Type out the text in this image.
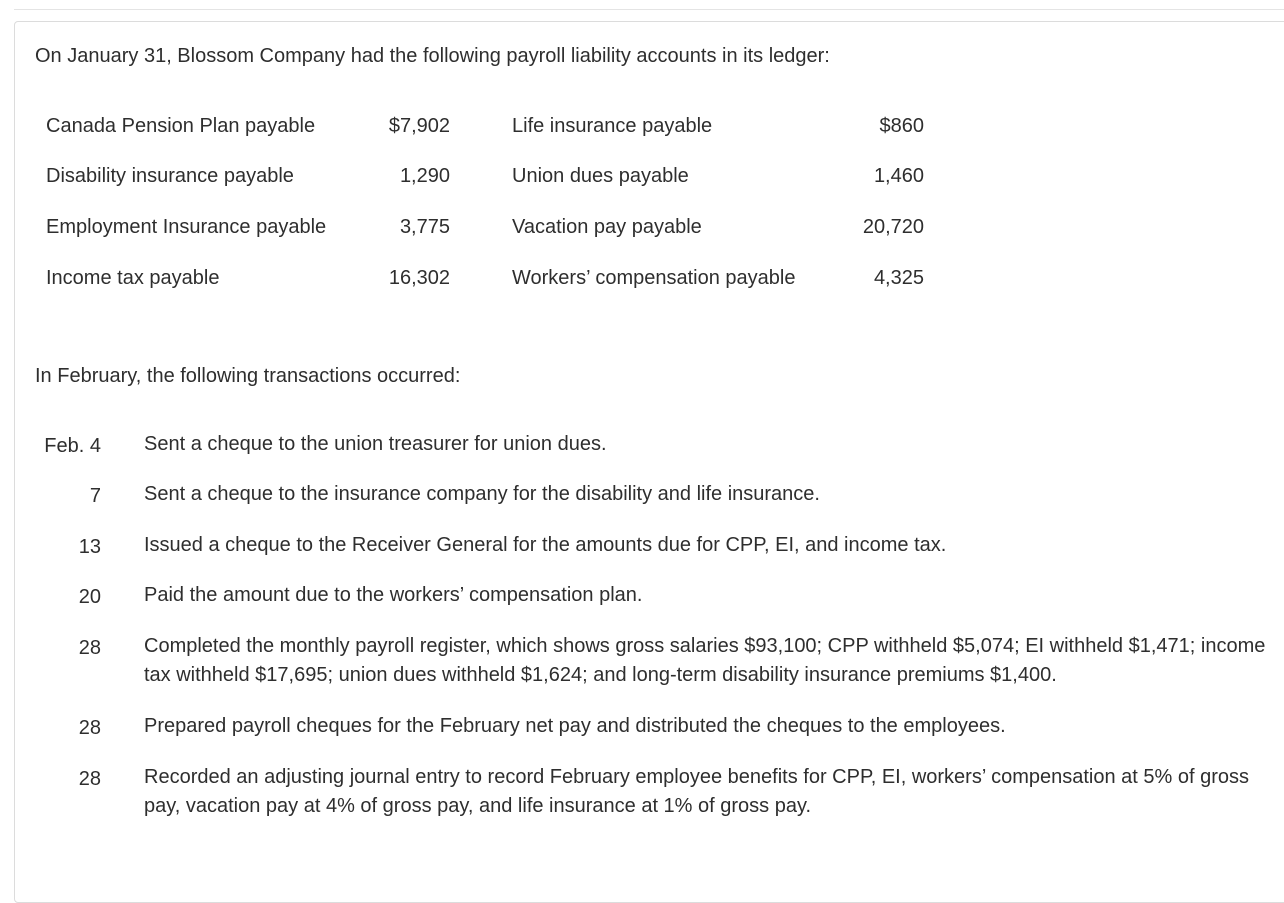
On January 31, Blossom Company had the following payroll liability accounts in its ledger:
Canada Pension Plan payable	$7,902	Life insurance payable	$860
Disability insurance payable	1,290	Union dues payable	1,460
Employment Insurance payable	3,775	Vacation pay payable	20,720
Income tax payable	16,302	Workers’ compensation payable	4,325
In February, the following transactions occurred:
Feb. 4 Sent a cheque to the union treasurer for union dues.
7 Sent a cheque to the insurance company for the disability and life insurance.
13 Issued a cheque to the Receiver General for the amounts due for CPP, EI, and income tax.
20 Paid the amount due to the workers’ compensation plan.
28 Completed the monthly payroll register, which shows gross salaries $93,100; CPP withheld $5,074; EI withheld $1,471; income tax withheld $17,695; union dues withheld $1,624; and long-term disability insurance premiums $1,400.
28 Prepared payroll cheques for the February net pay and distributed the cheques to the employees.
28 Recorded an adjusting journal entry to record February employee benefits for CPP, EI, workers’ compensation at 5% of gross pay, vacation pay at 4% of gross pay, and life insurance at 1% of gross pay.
